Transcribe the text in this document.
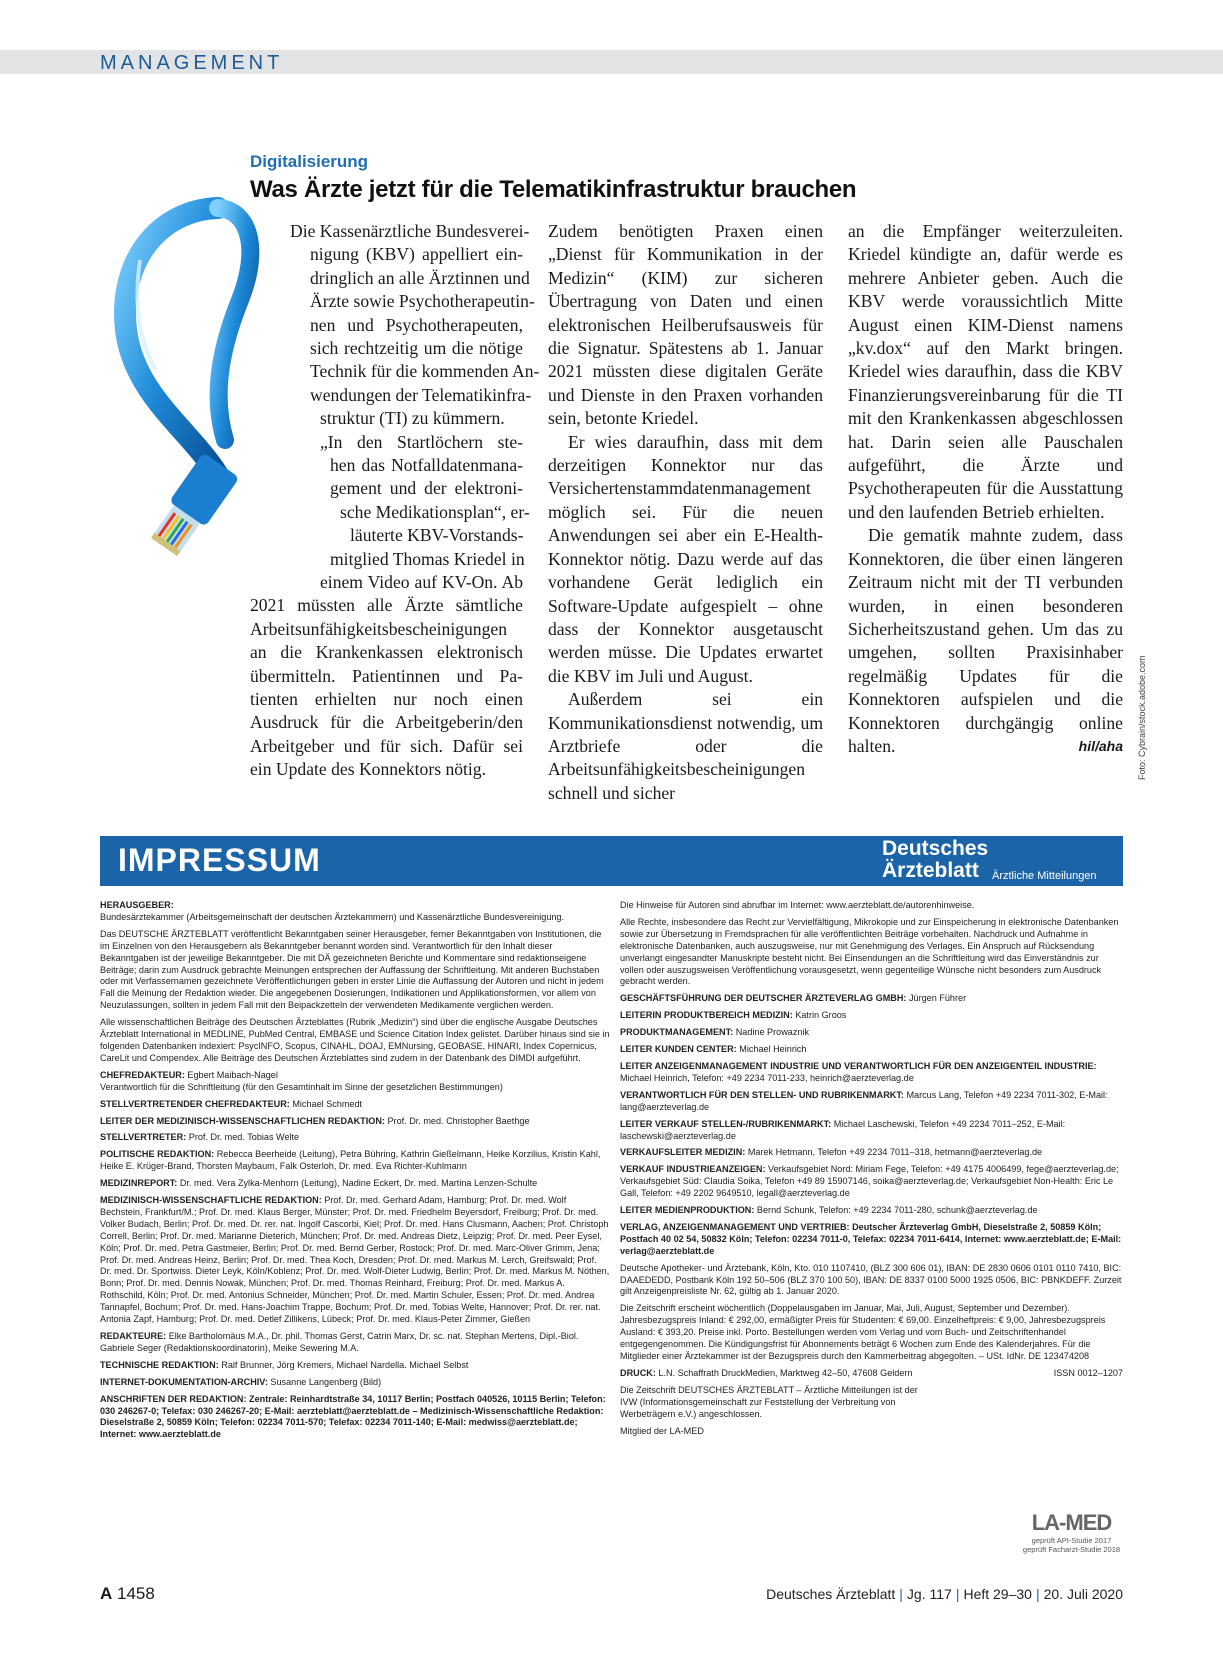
MANAGEMENT
Digitalisierung
Was Ärzte jetzt für die Telematikinfrastruktur brauchen
Die Kassenärztliche Bundesverei-
nigung (KBV) appelliert ein-
dringlich an alle Ärztinnen und
Ärzte sowie Psychotherapeutin-
nen und Psychotherapeuten,
sich rechtzeitig um die nötige
Technik für die kommenden An-
wendungen der Telematikinfra-
struktur (TI) zu kümmern.
„In den Startlöchern ste-
hen das Notfalldatenmana-
gement und der elektroni-
sche Medikationsplan“, er-
läuterte KBV-Vorstands-
mitglied Thomas Kriedel in
einem Video auf KV-On. Ab
2021 müssten alle Ärzte sämtliche
Arbeitsunfähigkeitsbescheinigungen
an die Krankenkassen elektronisch
übermitteln. Patientinnen und Pa-
tienten erhielten nur noch einen
Ausdruck für die Arbeitgeberin/den
Arbeitgeber und für sich. Dafür sei
ein Update des Konnektors nötig.

Zudem benötigten Praxen einen „Dienst für Kommunikation in der Medizin“ (KIM) zur sicheren Übertragung von Daten und einen elektronischen Heilberufsausweis für die Signatur. Spätestens ab 1. Januar 2021 müssten diese digitalen Geräte und Dienste in den Praxen vorhanden sein, betonte Kriedel.

Er wies daraufhin, dass mit dem derzeitigen Konnektor nur das Versichertenstammdatenmanagement möglich sei. Für die neuen Anwendungen sei aber ein E-Health-Konnektor nötig. Dazu werde auf das vorhandene Gerät lediglich ein Software-Update aufgespielt – ohne dass der Konnektor ausgetauscht werden müsse. Die Updates erwartet die KBV im Juli und August.

Außerdem sei ein Kommunikationsdienst notwendig, um Arztbriefe oder die Arbeitsunfähigkeitsbescheinigungen schnell und sicher

an die Empfänger weiterzuleiten. Kriedel kündigte an, dafür werde es mehrere Anbieter geben. Auch die KBV werde voraussichtlich Mitte August einen KIM-Dienst namens „kv.dox“ auf den Markt bringen. Kriedel wies daraufhin, dass die KBV Finanzierungsvereinbarung für die TI mit den Krankenkassen abgeschlossen hat. Darin seien alle Pauschalen aufgeführt, die Ärzte und Psychotherapeuten für die Ausstattung und den laufenden Betrieb erhielten.

Die gematik mahnte zudem, dass Konnektoren, die über einen längeren Zeitraum nicht mit der TI verbunden wurden, in einen besonderen Sicherheitszustand gehen. Um das zu umgehen, sollten Praxisinhaber regelmäßig Updates für die Konnektoren aufspielen und die Konnektoren durchgängig online halten.	hil/aha Foto: Cybrain/stock.adobe.com
IMPRESSUM	Deutsches
Ärzteblatt Ärztliche Mitteilungen

HERAUSGEBER:
Bundesärztekammer (Arbeitsgemeinschaft der deutschen Ärztekammern) und Kassenärztliche Bundesvereinigung.

Das DEUTSCHE ÄRZTEBLATT veröffentlicht Bekanntgaben seiner Herausgeber, ferner Bekanntgaben von Institutionen, die im Einzelnen von den Herausgebern als Bekanntgeber benannt worden sind. Verantwortlich für den Inhalt dieser Bekanntgaben ist der jeweilige Bekanntgeber. Die mit DÄ gezeichneten Berichte und Kommentare sind redaktionseigene Beiträge; darin zum Ausdruck gebrachte Meinungen entsprechen der Auffassung der Schriftleitung. Mit anderen Buchstaben oder mit Verfassernamen gezeichnete Veröffentlichungen geben in erster Linie die Auffassung der Autoren und nicht in jedem Fall die Meinung der Redaktion wieder. Die angegebenen Dosierungen, Indikationen und Applikationsformen, vor allem von Neuzulassungen, sollten in jedem Fall mit den Beipackzetteln der verwendeten Medikamente verglichen werden.

Alle wissenschaftlichen Beiträge des Deutschen Ärzteblattes (Rubrik „Medizin“) sind über die englische Ausgabe Deutsches Ärzteblatt International in MEDLINE, PubMed Central, EMBASE und Science Citation Index gelistet. Darüber hinaus sind sie in folgenden Datenbanken indexiert: PsycINFO, Scopus, CINAHL, DOAJ, EMNursing, GEOBASE, HINARI, Index Copernicus, CareLit und Compendex. Alle Beiträge des Deutschen Ärzteblattes sind zudem in der Datenbank des DIMDI aufgeführt.

CHEFREDAKTEUR: Egbert Maibach-Nagel

Verantwortlich für die Schriftleitung (für den Gesamtinhalt im Sinne der gesetzlichen Bestimmungen)

STELLVERTRETENDER CHEFREDAKTEUR: Michael Schmedt

LEITER DER MEDIZINISCH-WISSENSCHAFTLICHEN REDAKTION: Prof. Dr. med. Christopher Baethge

STELLVERTRETER: Prof. Dr. med. Tobias Welte

POLITISCHE REDAKTION: Rebecca Beerheide (Leitung), Petra Bühring, Kathrin Gießelmann, Heike Korzilius, Kristin Kahl, Heike E. Krüger-Brand, Thorsten Maybaum, Falk Osterloh, Dr. med. Eva Richter-Kuhlmann

MEDIZINREPORT: Dr. med. Vera Zylka-Menhorn (Leitung), Nadine Eckert, Dr. med. Martina Lenzen-Schulte

MEDIZINISCH-WISSENSCHAFTLICHE REDAKTION: Prof. Dr. med. Gerhard Adam, Hamburg; Prof. Dr. med. Wolf Bechstein, Frankfurt/M.; Prof. Dr. med. Klaus Berger, Münster; Prof. Dr. med. Friedhelm Beyersdorf, Freiburg; Prof. Dr. med. Volker Budach, Berlin; Prof. Dr. med. Dr. rer. nat. Ingolf Cascorbi, Kiel; Prof. Dr. med. Hans Clusmann, Aachen; Prof. Christoph Correll, Berlin; Prof. Dr. med. Marianne Dieterich, München; Prof. Dr. med. Andreas Dietz, Leipzig; Prof. Dr. med. Peer Eysel, Köln; Prof. Dr. med. Petra Gastmeier, Berlin; Prof. Dr. med. Bernd Gerber, Rostock; Prof. Dr. med. Marc-Oliver Grimm, Jena; Prof. Dr. med. Andreas Heinz, Berlin; Prof. Dr. med. Thea Koch, Dresden; Prof. Dr. med. Markus M. Lerch, Greifswald; Prof. Dr. med. Dr. Sportwiss. Dieter Leyk, Köln/Koblenz; Prof. Dr. med. Wolf-Dieter Ludwig, Berlin; Prof. Dr. med. Markus M. Nöthen, Bonn; Prof. Dr. med. Dennis Nowak, München; Prof. Dr. med. Thomas Reinhard, Freiburg; Prof. Dr. med. Markus A. Rothschild, Köln; Prof. Dr. med. Antonius Schneider, München; Prof. Dr. med. Martin Schuler, Essen; Prof. Dr. med. Andrea Tannapfel, Bochum; Prof. Dr. med. Hans-Joachim Trappe, Bochum; Prof. Dr. med. Tobias Welte, Hannover; Prof. Dr. rer. nat. Antonia Zapf, Hamburg; Prof. Dr. med. Detlef Zillikens, Lübeck; Prof. Dr. med. Klaus-Peter Zimmer, Gießen

REDAKTEURE: Elke Bartholomäus M.A., Dr. phil. Thomas Gerst, Catrin Marx, Dr. sc. nat. Stephan Mertens, Dipl.-Biol. Gabriele Seger (Redaktionskoordinatorin), Meike Sewering M.A.

TECHNISCHE REDAKTION: Ralf Brunner, Jörg Kremers, Michael Nardella. Michael Selbst

INTERNET-DOKUMENTATION-ARCHIV: Susanne Langenberg (Bild)

ANSCHRIFTEN DER REDAKTION: Zentrale: Reinhardtstraße 34, 10117 Berlin; Postfach 040526, 10115 Berlin; Telefon: 030 246267-0; Telefax: 030 246267-20; E-Mail: aerzteblatt@aerzteblatt.de – Medizinisch-Wissenschaftliche Redaktion: Dieselstraße 2, 50859 Köln; Telefon: 02234 7011-570; Telefax: 02234 7011-140; E-Mail: medwiss@aerzteblatt.de; Internet: www.aerzteblatt.de

Die Hinweise für Autoren sind abrufbar im Internet: www.aerzteblatt.de/autorenhinweise.

Alle Rechte, insbesondere das Recht zur Vervielfältigung, Mikrokopie und zur Einspeicherung in elektronische Datenbanken sowie zur Übersetzung in Fremdsprachen für alle veröffentlichten Beiträge vorbehalten. Nachdruck und Aufnahme in elektronische Datenbanken, auch auszugsweise, nur mit Genehmigung des Verlages. Ein Anspruch auf Rücksendung unverlangt eingesandter Manuskripte besteht nicht. Bei Einsendungen an die Schriftleitung wird das Einverständnis zur vollen oder auszugsweisen Veröffentlichung vorausgesetzt, wenn gegenteilige Wünsche nicht besonders zum Ausdruck gebracht werden.

GESCHÄFTSFÜHRUNG DER DEUTSCHER ÄRZTEVERLAG GMBH: Jürgen Führer

LEITERIN PRODUKTBEREICH MEDIZIN: Katrin Groos

PRODUKTMANAGEMENT: Nadine Prowaznik

LEITER KUNDEN CENTER: Michael Heinrich

LEITER ANZEIGENMANAGEMENT INDUSTRIE UND VERANTWORTLICH FÜR DEN ANZEIGENTEIL INDUSTRIE:
Michael Heinrich, Telefon: +49 2234 7011-233, heinrich@aerzteverlag.de

VERANTWORTLICH FÜR DEN STELLEN- UND RUBRIKENMARKT: Marcus Lang, Telefon +49 2234 7011-302, E-Mail: lang@aerzteverlag.de

LEITER VERKAUF STELLEN-/RUBRIKENMARKT: Michael Laschewski, Telefon +49 2234 7011–252, E-Mail: laschewski@aerzteverlag.de

VERKAUFSLEITER MEDIZIN: Marek Hetmann, Telefon +49 2234 7011–318, hetmann@aerzteverlag.de

VERKAUF INDUSTRIEANZEIGEN: Verkaufsgebiet Nord: Miriam Fege, Telefon: +49 4175 4006499, fege@aerzteverlag.de; Verkaufsgebiet Süd: Claudia Soika, Telefon +49 89 15907146, soika@aerzteverlag.de; Verkaufsgebiet Non-Health: Eric Le Gall, Telefon: +49 2202 9649510, legall@aerzteverlag.de

LEITER MEDIENPRODUKTION: Bernd Schunk, Telefon: +49 2234 7011-280, schunk@aerzteverlag.de

VERLAG, ANZEIGENMANAGEMENT UND VERTRIEB: Deutscher Ärzteverlag GmbH, Dieselstraße 2, 50859 Köln; Postfach 40 02 54, 50832 Köln; Telefon: 02234 7011-0, Telefax: 02234 7011-6414, Internet: www.aerzteblatt.de; E-Mail: verlag@aerzteblatt.de

Deutsche Apotheker- und Ärztebank, Köln, Kto. 010 1107410, (BLZ 300 606 01), IBAN: DE 2830 0606 0101 0110 7410, BIC: DAAEDEDD, Postbank Köln 192 50–506 (BLZ 370 100 50), IBAN: DE 8337 0100 5000 1925 0506, BIC: PBNKDEFF. Zurzeit gilt Anzeigenpreisliste Nr. 62, gültig ab 1. Januar 2020.

Die Zeitschrift erscheint wöchentlich (Doppelausgaben im Januar, Mai, Juli, August, September und Dezember). Jahresbezugspreis Inland: € 292,00, ermäßigter Preis für Studenten: € 69,00. Einzelheftpreis: € 9,00, Jahresbezugspreis Ausland: € 393,20. Preise inkl. Porto. Bestellungen werden vom Verlag und vom Buch- und Zeitschriftenhandel entgegengenommen. Die Kündigungsfrist für Abonnements beträgt 6 Wochen zum Ende des Kalenderjahres. Für die Mitglieder einer Ärztekammer ist der Bezugspreis durch den Kammerbeitrag abgegolten. – USt. IdNr. DE 123474208

DRUCK: L.N. Schaffrath DruckMedien, Marktweg 42–50, 47608 Geldern	ISSN 0012–1207

Die Zeitschrift DEUTSCHES ÄRZTEBLATT – Ärztliche Mitteilungen ist der IVW (Informationsgemeinschaft zur Feststellung der Verbreitung von Werbeträgern e.V.) angeschlossen.

Mitglied der LA-MED

LA-MED
geprüft API-Studie 2017
geprüft Facharzt-Studie 2018
A 1458	Deutsches Ärzteblatt | Jg. 117 | Heft 29–30 | 20. Juli 2020
